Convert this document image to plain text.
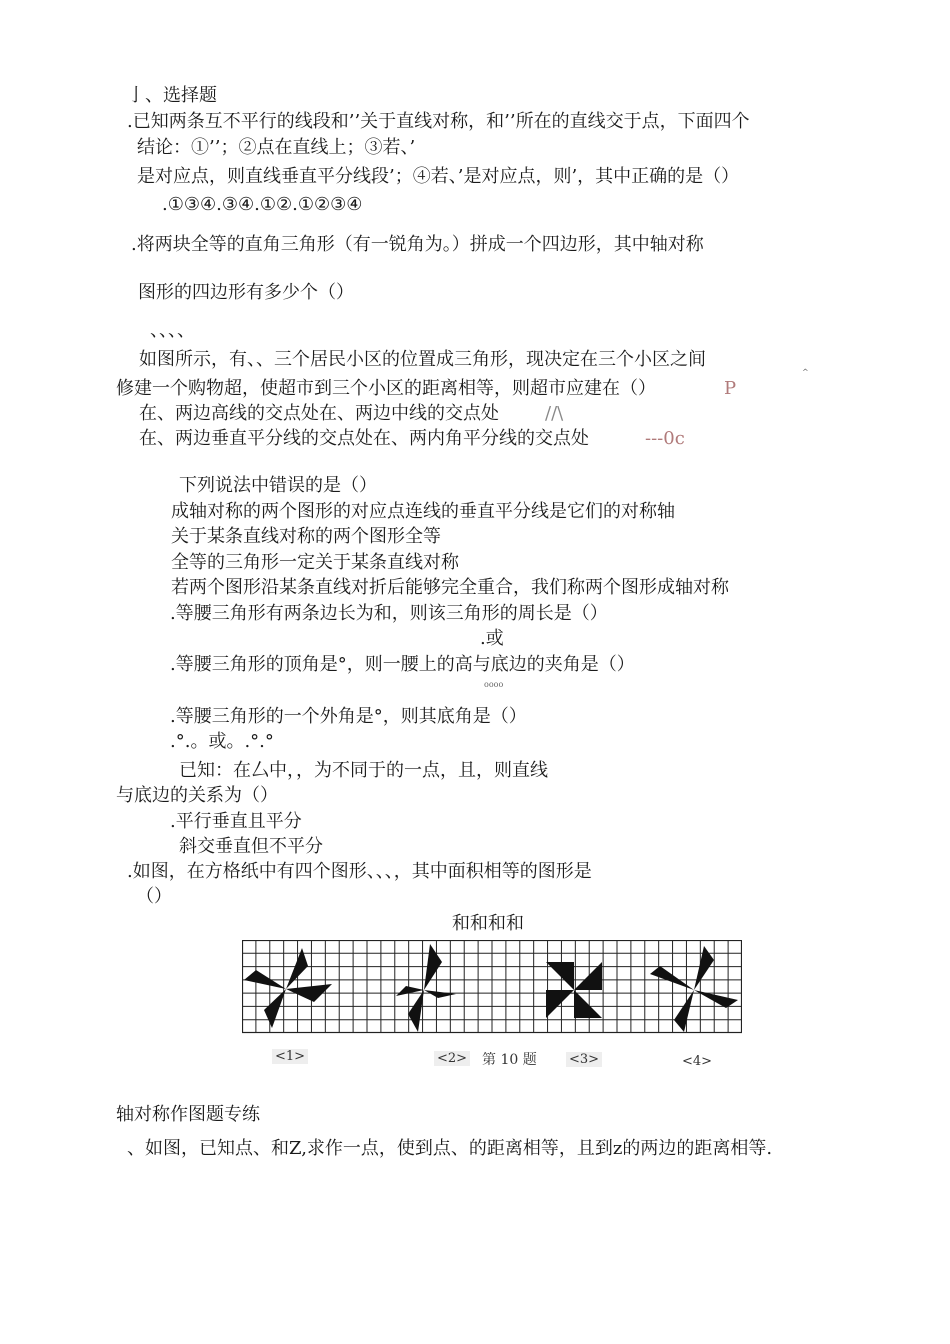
亅、选择题
.已知两条互不平行的线段和’’关于直线对称，和’’所在的直线交于点，下面四个
结论：①’’；②点在直线上；③若、’
是对应点，则直线垂直平分线段’；④若、’是对应点，则’，其中正确的是（）
.①③④.③④.①②.①②③④
.将两块全等的直角三角形（有一锐角为。）拼成一个四边形，其中轴对称
图形的四边形有多少个（）
、、、、
如图所示，有、、三个居民小区的位置成三角形，现决定在三个小区之间
^
修建一个购物超，使超市到三个小区的距离相等，则超市应建在（）	P
在、两边高线的交点处在、两边中线的交点处	//\
在、两边垂直平分线的交点处在、两内角平分线的交点处	---0c
下列说法中错误的是（）
成轴对称的两个图形的对应点连线的垂直平分线是它们的对称轴
关于某条直线对称的两个图形全等
全等的三角形一定关于某条直线对称
若两个图形沿某条直线对折后能够完全重合，我们称两个图形成轴对称
.等腰三角形有两条边长为和，则该三角形的周长是（）
.或
.等腰三角形的顶角是°，则一腰上的高与底边的夹角是（）
oooo
.等腰三角形的一个外角是°，则其底角是（）
.°.。或。.°.°
已知：在厶中，，为不同于的一点，且，则直线
与底边的关系为（）
.平行垂直且平分
斜交垂直但不平分
.如图，在方格纸中有四个图形、、、，其中面积相等的图形是
（）
和和和和
<1>	<2> 第 10 题 <3>	<4>
轴对称作图题专练
、如图，已知点、和Z,求作一点，使到点、的距离相等，且到z的两边的距离相等.
